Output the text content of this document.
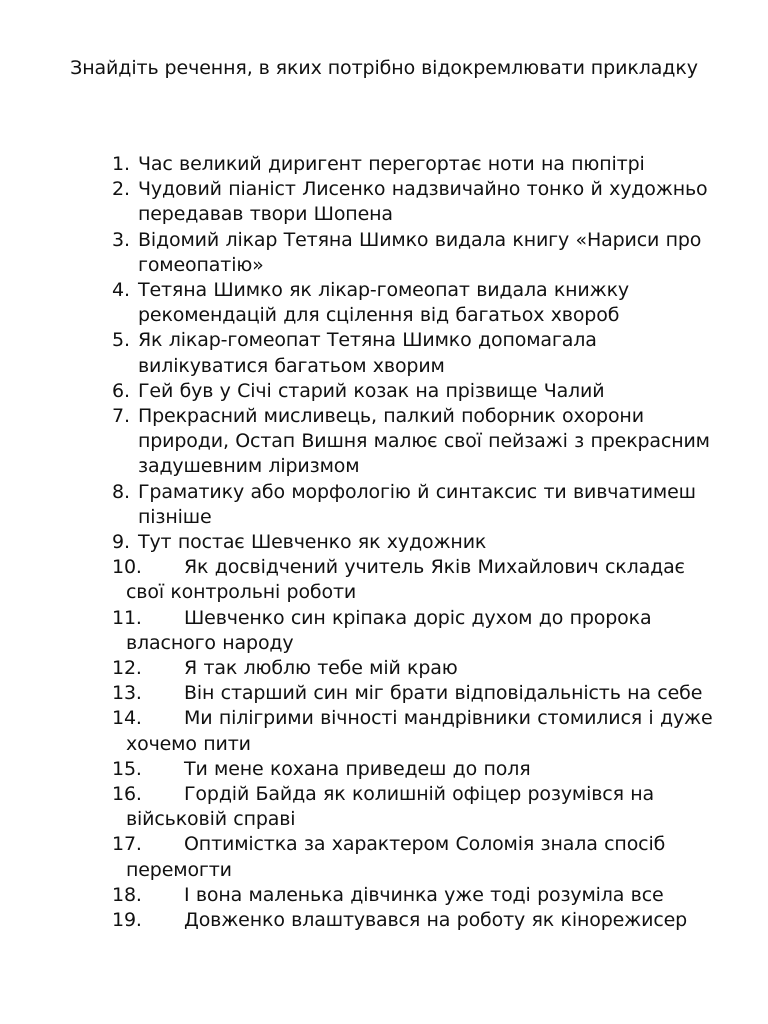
Знайдіть речення, в яких потрібно відокремлювати прикладку
1. Час великий диригент перегортає ноти на пюпітрі
2. Чудовий піаніст Лисенко надзвичайно тонко й художньо передавав твори Шопена
3. Відомий лікар Тетяна Шимко видала книгу «Нариси про гомеопатію»
4. Тетяна Шимко як лікар-гомеопат видала книжку рекомендацій для сцілення від багатьох хвороб
5. Як лікар-гомеопат Тетяна Шимко допомагала вилікуватися багатьом хворим
6. Гей був у Січі старий козак на прізвище Чалий
7. Прекрасний мисливець, палкий поборник охорони природи, Остап Вишня малює свої пейзажі з прекрасним задушевним ліризмом
8. Граматику або морфологію й синтаксис ти вивчатимеш пізніше
9. Тут постає Шевченко як художник
10.	Як досвідчений учитель Яків Михайлович складає свої контрольні роботи
11.	Шевченко син кріпака доріс духом до пророка власного народу
12.	Я так люблю тебе мій краю
13.	Він старший син міг брати відповідальність на себе
14.	Ми пілігрими вічності мандрівники стомилися і дуже хочемо пити
15.	Ти мене кохана приведеш до поля
16.	Гордій Байда як колишній офіцер розумівся на військовій справі
17.	Оптимістка за характером Соломія знала спосіб перемогти
18.	І вона маленька дівчинка уже тоді розуміла все
19.	Довженко влаштувався на роботу як кінорежисер
